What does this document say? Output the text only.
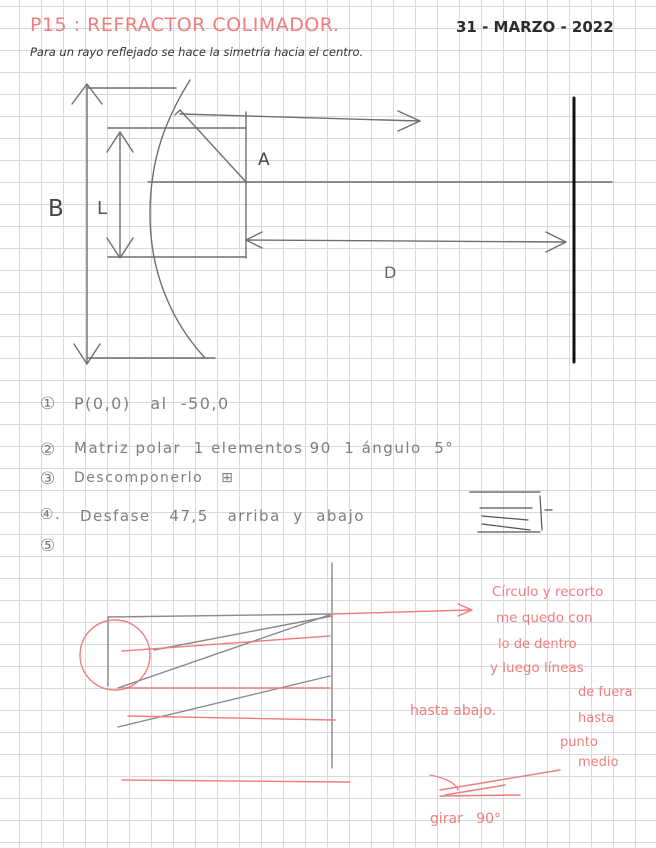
P15 : REFRACTOR COLIMADOR.	31 - MARZO - 2022
Para un rayo reflejado se hace la simetría hacia el centro.
A
B L
D
① P(0,0)   al  -50,0
② Matriz polar  1 elementos 90  1 ángulo  5°
③ Descomponerlo   ⊞
④. Desfase   47,5   arriba  y  abajo
⑤
Círculo y recorto
me quedo con
lo de dentro
y luego líneas
de fuera
hasta abajo.	hasta
punto
medio
girar   90°
